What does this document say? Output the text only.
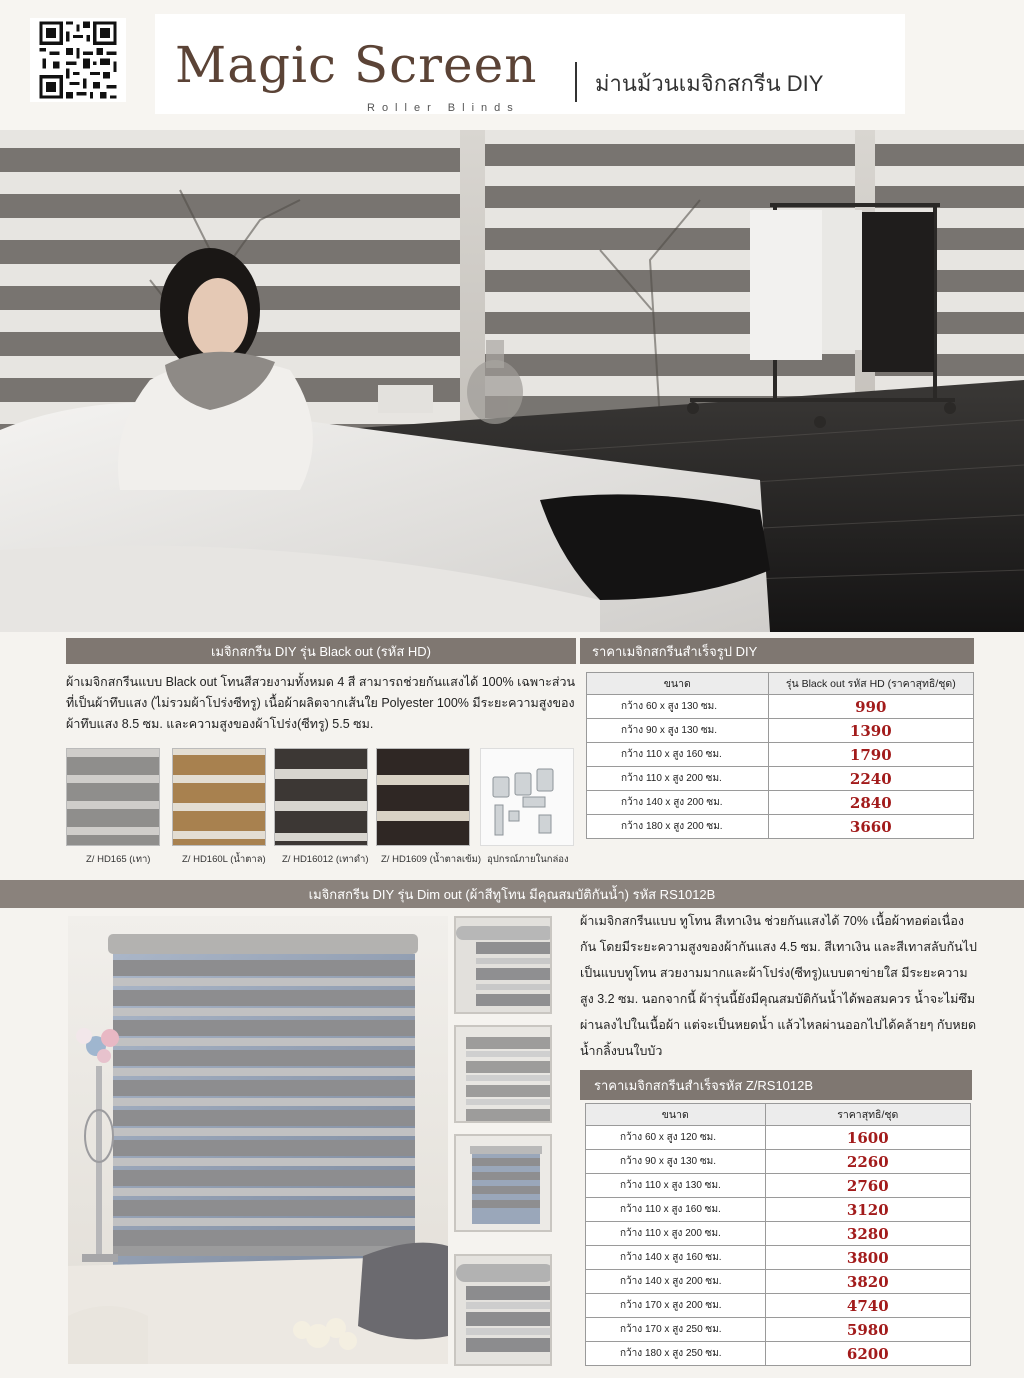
Magic Screen
Roller Blinds
ม่านม้วนเมจิกสกรีน DIY
เมจิกสกรีน DIY รุ่น Black out (รหัส HD)
ผ้าเมจิกสกรีนแบบ Black out โทนสีสวยงามทั้งหมด 4 สี สามารถช่วยกันแสงได้ 100% เฉพาะส่วนที่เป็นผ้าทึบแสง (ไม่รวมผ้าโปร่งซีทรู) เนื้อผ้าผลิตจากเส้นใย Polyester 100% มีระยะความสูงของผ้าทึบแสง 8.5 ซม. และความสูงของผ้าโปร่ง(ซีทรู) 5.5 ซม.
Z/ HD165 (เทา)	Z/ HD160L (น้ำตาล) Z/ HD16012 (เทาดำ) Z/ HD1609 (น้ำตาลเข้ม) อุปกรณ์ภายในกล่อง
ราคาเมจิกสกรีนสำเร็จรูป DIY
ขนาด	รุ่น Black out รหัส HD (ราคาสุทธิ/ชุด)
กว้าง 60 x สูง 130 ซม.	990
กว้าง 90 x สูง 130 ซม.	1390
กว้าง 110 x สูง 160 ซม.	1790
กว้าง 110 x สูง 200 ซม.	2240
กว้าง 140 x สูง 200 ซม.	2840
กว้าง 180 x สูง 200 ซม.	3660
เมจิกสกรีน DIY รุ่น Dim out (ผ้าสีทูโทน มีคุณสมบัติกันน้ำ) รหัส RS1012B
ผ้าเมจิกสกรีนแบบ ทูโทน สีเทาเงิน ช่วยกันแสงได้ 70% เนื้อผ้าทอต่อเนื่องกัน โดยมีระยะความสูงของผ้ากันแสง 4.5 ซม. สีเทาเงิน และสีเทาสลับกันไปเป็นแบบทูโทน สวยงามมากและผ้าโปร่ง(ซีทรู)แบบตาข่ายใส มีระยะความสูง 3.2 ซม. นอกจากนี้ ผ้ารุ่นนี้ยังมีคุณสมบัติกันน้ำได้พอสมควร น้ำจะไม่ซึมผ่านลงไปในเนื้อผ้า แต่จะเป็นหยดน้ำ แล้วไหลผ่านออกไปได้คล้ายๆ กับหยดน้ำกลิ้งบนใบบัว
ราคาเมจิกสกรีนสำเร็จรหัส Z/RS1012B
ขนาด	ราคาสุทธิ/ชุด
กว้าง 60 x สูง 120 ซม.	1600
กว้าง 90 x สูง 130 ซม.	2260
กว้าง 110 x สูง 130 ซม.	2760
กว้าง 110 x สูง 160 ซม.	3120
กว้าง 110 x สูง 200 ซม.	3280
กว้าง 140 x สูง 160 ซม.	3800
กว้าง 140 x สูง 200 ซม.	3820
กว้าง 170 x สูง 200 ซม.	4740
กว้าง 170 x สูง 250 ซม.	5980
กว้าง 180 x สูง 250 ซม.	6200
